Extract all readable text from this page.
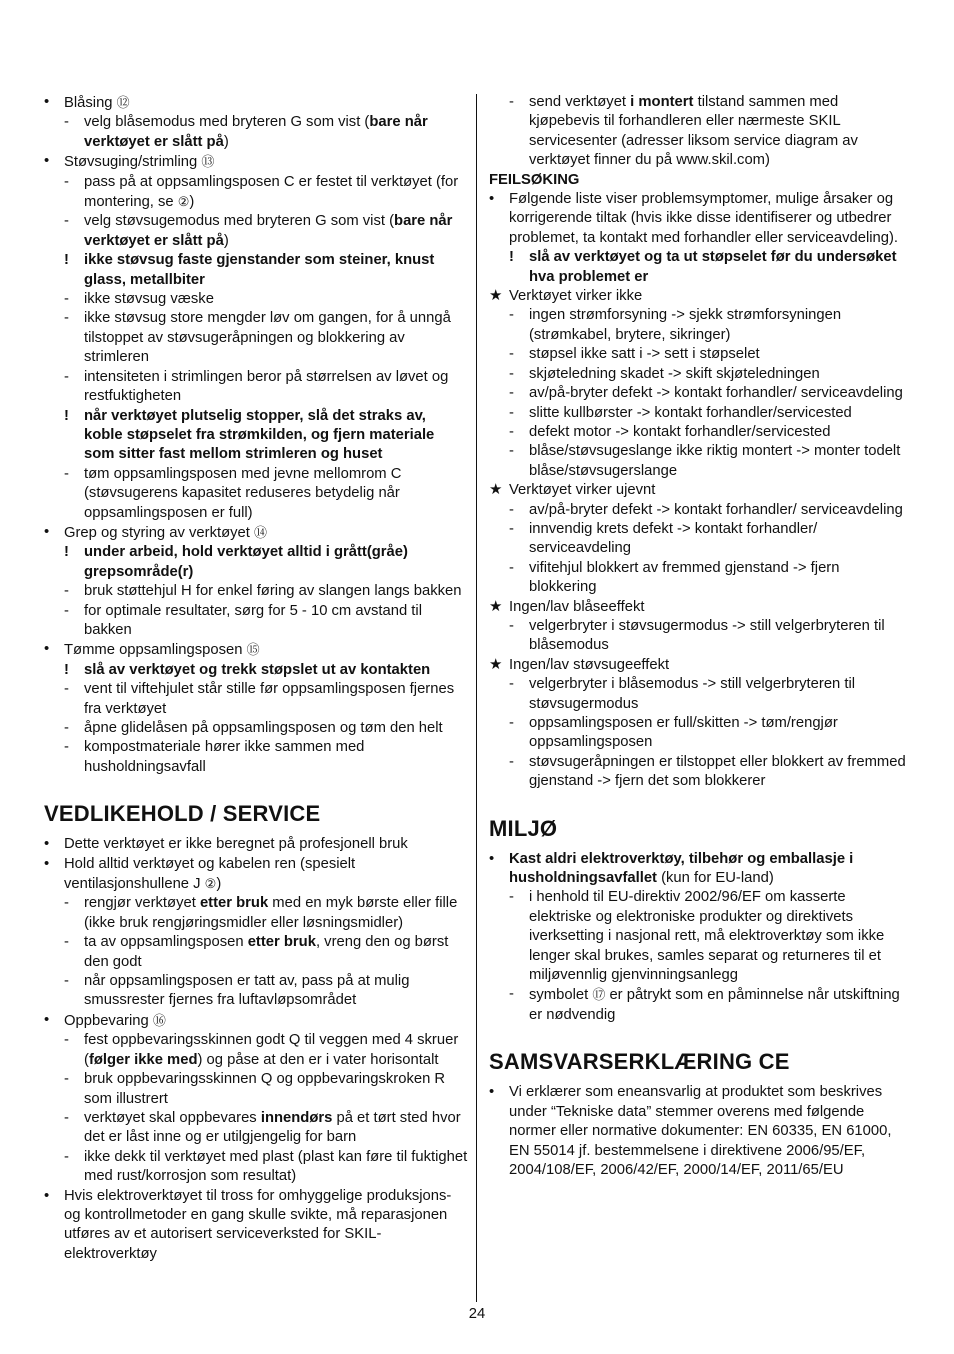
• Blåsing ⑫
- velg blåsemodus med bryteren G som vist (bare når verktøyet er slått på)
• Støvsuging/strimling ⑬
- pass på at oppsamlingsposen C er festet til verktøyet (for montering, se ②)
- velg støvsugemodus med bryteren G som vist (bare når verktøyet er slått på)
! ikke støvsug faste gjenstander som steiner, knust glass, metallbiter
- ikke støvsug væske
- ikke støvsug store mengder løv om gangen, for å unngå tilstoppet av støvsugeråpningen og blokkering av strimleren
- intensiteten i strimlingen beror på størrelsen av løvet og restfuktigheten
! når verktøyet plutselig stopper, slå det straks av, koble støpselet fra strømkilden, og fjern materiale som sitter fast mellom strimleren og huset
- tøm oppsamlingsposen med jevne mellomrom C (støvsugerens kapasitet reduseres betydelig når oppsamlingsposen er full)
• Grep og styring av verktøyet ⑭
! under arbeid, hold verktøyet alltid i grått(gråe) grepsområde(r)
- bruk støttehjul H for enkel føring av slangen langs bakken
- for optimale resultater, sørg for 5 - 10 cm avstand til bakken
• Tømme oppsamlingsposen ⑮
! slå av verktøyet og trekk støpslet ut av kontakten
- vent til viftehjulet står stille før oppsamlingsposen fjernes fra verktøyet
- åpne glidelåsen på oppsamlingsposen og tøm den helt
- kompostmateriale hører ikke sammen med husholdningsavfall
VEDLIKEHOLD / SERVICE
• Dette verktøyet er ikke beregnet på profesjonell bruk
• Hold alltid verktøyet og kabelen ren (spesielt ventilasjonshullene J ②)
- rengjør verktøyet etter bruk med en myk børste eller fille (ikke bruk rengjøringsmidler eller løsningsmidler)
- ta av oppsamlingsposen etter bruk, vreng den og børst den godt
- når oppsamlingsposen er tatt av, pass på at mulig smussrester fjernes fra luftavløpsområdet
• Oppbevaring ⑯
- fest oppbevaringsskinnen godt Q til veggen med 4 skruer (følger ikke med) og påse at den er i vater horisontalt
- bruk oppbevaringsskinnen Q og oppbevaringskroken R som illustrert
- verktøyet skal oppbevares innendørs på et tørt sted hvor det er låst inne og er utilgjengelig for barn
- ikke dekk til verktøyet med plast (plast kan føre til fuktighet med rust/korrosjon som resultat)
• Hvis elektroverktøyet til tross for omhyggelige produksjons- og kontrollmetoder en gang skulle svikte, må reparasjonen utføres av et autorisert serviceverksted for SKIL-elektroverktøy
- send verktøyet i montert tilstand sammen med kjøpebevis til forhandleren eller nærmeste SKIL servicesenter (adresser liksom service diagram av verktøyet finner du på www.skil.com)
FEILSØKING
• Følgende liste viser problemsymptomer, mulige årsaker og korrigerende tiltak (hvis ikke disse identifiserer og utbedrer problemet, ta kontakt med forhandler eller serviceavdeling).
! slå av verktøyet og ta ut støpselet før du undersøket hva problemet er
★ Verktøyet virker ikke
- ingen strømforsyning -> sjekk strømforsyningen (strømkabel, brytere, sikringer)
- støpsel ikke satt i -> sett i støpselet
- skjøteledning skadet -> skift skjøteledningen
- av/på-bryter defekt -> kontakt forhandler/ serviceavdeling
- slitte kullbørster -> kontakt forhandler/servicested
- defekt motor -> kontakt forhandler/servicested
- blåse/støvsugeslange ikke riktig montert -> monter todelt blåse/støvsugerslange
★ Verktøyet virker ujevnt
- av/på-bryter defekt -> kontakt forhandler/ serviceavdeling
- innvendig krets defekt -> kontakt forhandler/ serviceavdeling
- vifitehjul blokkert av fremmed gjenstand -> fjern blokkering
★ Ingen/lav blåseeffekt
- velgerbryter i støvsugermodus -> still velgerbryteren til blåsemodus
★ Ingen/lav støvsugeeffekt
- velgerbryter i blåsemodus -> still velgerbryteren til støvsugermodus
- oppsamlingsposen er full/skitten -> tøm/rengjør oppsamlingsposen
- støvsugeråpningen er tilstoppet eller blokkert av fremmed gjenstand -> fjern det som blokkerer
MILJØ
• Kast aldri elektroverktøy, tilbehør og emballasje i husholdningsavfallet (kun for EU-land)
- i henhold til EU-direktiv 2002/96/EF om kasserte elektriske og elektroniske produkter og direktivets iverksetting i nasjonal rett, må elektroverktøy som ikke lenger skal brukes, samles separat og returneres til et miljøvennlig gjenvinningsanlegg
- symbolet ⑰ er påtrykt som en påminnelse når utskiftning er nødvendig
SAMSVARSERKLÆRING CE
• Vi erklærer som eneansvarlig at produktet som beskrives under “Tekniske data” stemmer overens med følgende normer eller normative dokumenter: EN 60335, EN 61000, EN 55014 jf. bestemmelsene i direktivene 2006/95/EF, 2004/108/EF, 2006/42/EF, 2000/14/EF, 2011/65/EU
24
